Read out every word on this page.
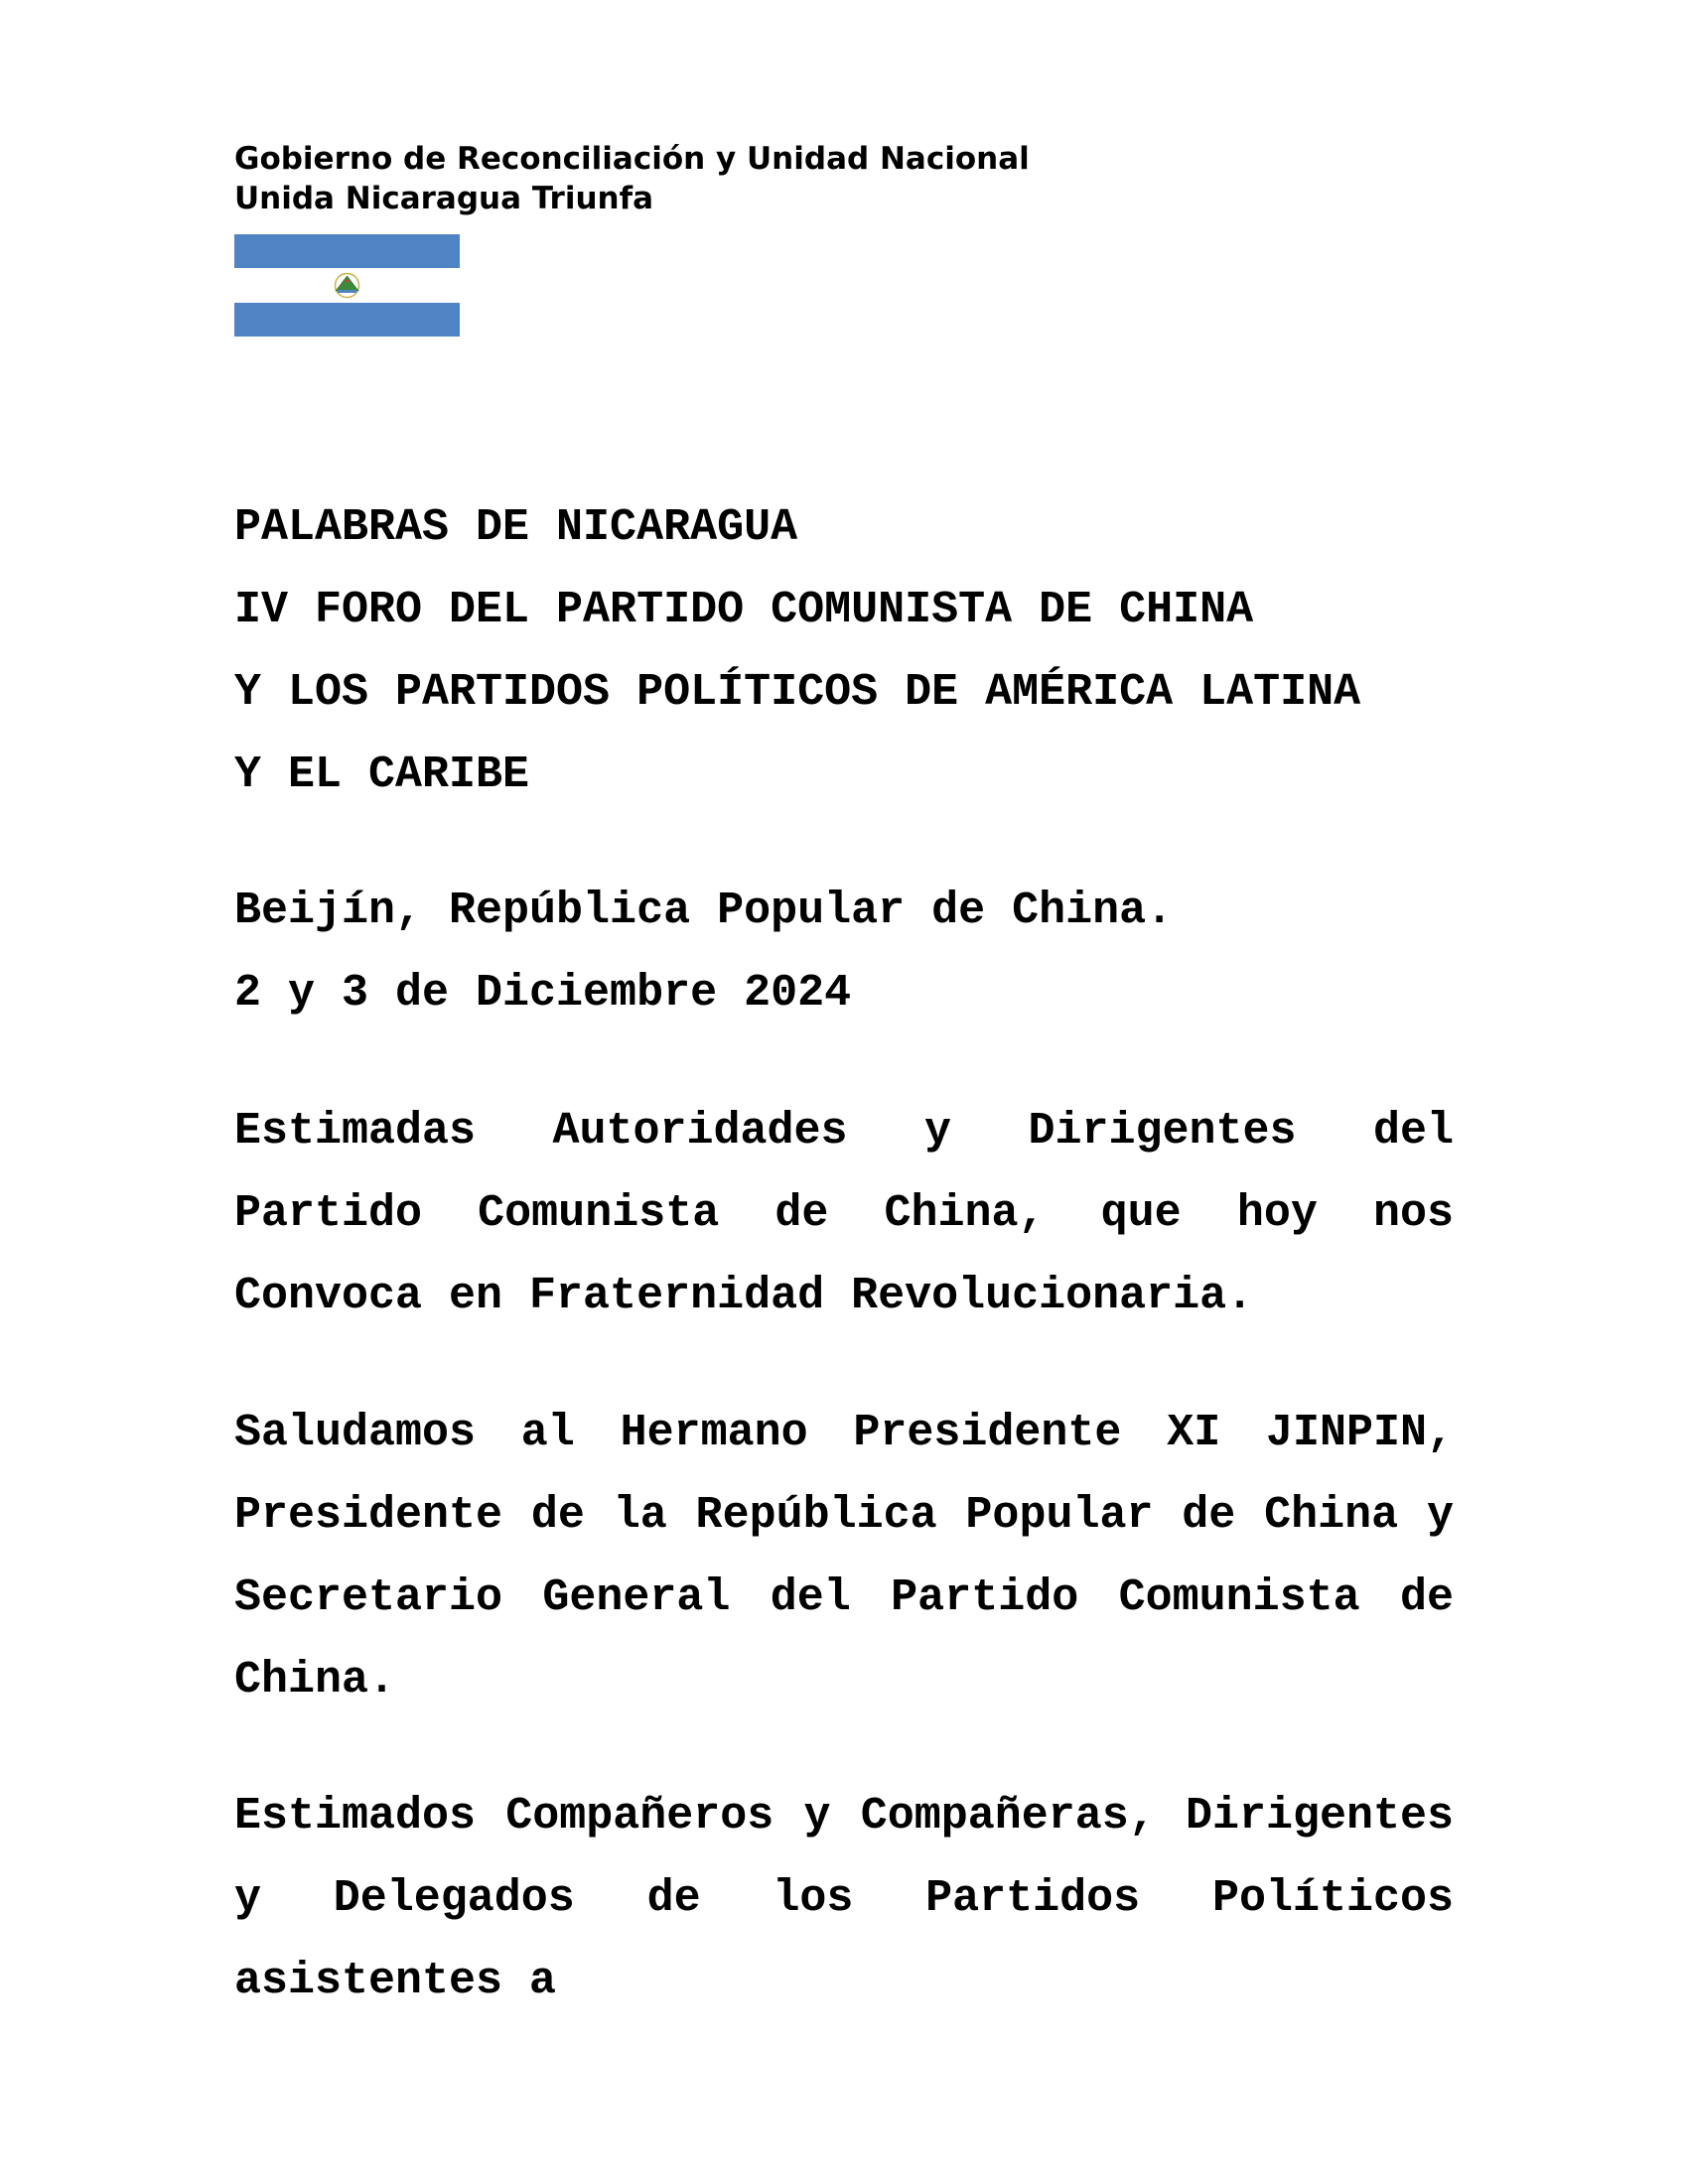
Gobierno de Reconciliación y Unidad Nacional
Unida Nicaragua Triunfa
PALABRAS DE NICARAGUA
IV FORO DEL PARTIDO COMUNISTA DE CHINA
Y LOS PARTIDOS POLÍTICOS DE AMÉRICA LATINA
Y EL CARIBE
Beijín, República Popular de China.
2 y 3 de Diciembre 2024

Estimadas Autoridades y Dirigentes del Partido Comunista de China, que hoy nos Convoca en Fraternidad Revolucionaria.

Saludamos al Hermano Presidente XI JINPIN, Presidente de la República Popular de China y Secretario General del Partido Comunista de China.

Estimados Compañeros y Compañeras, Dirigentes y Delegados de los Partidos Políticos asistentes a
